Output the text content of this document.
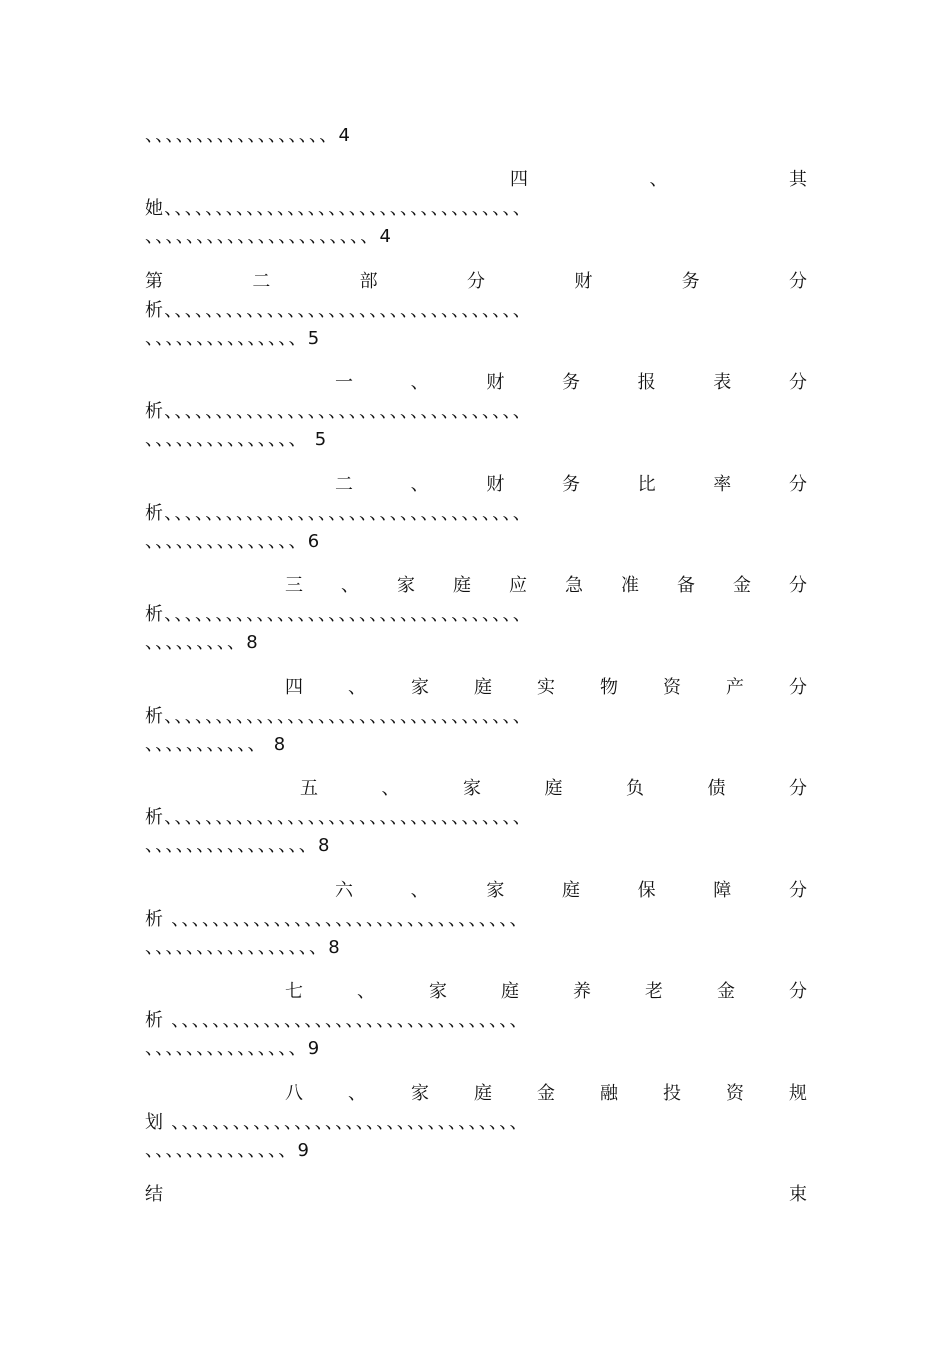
、、、、、、、、、、、、、、、、、、4
四	、	其
她、、、、、、、、、、、、、、、、、、、、、、、、、、、、、、、、、、、
、、、、、、、、、、、、、、、、、、、、、、4
第	二	部	分	财	务	分
析、、、、、、、、、、、、、、、、、、、、、、、、、、、、、、、、、、、
、、、、、、、、、、、、、、、5
一	、	财	务	报	表	分
析、、、、、、、、、、、、、、、、、、、、、、、、、、、、、、、、、、、
、、、、、、、、、、、、、、、 5
二	、	财	务	比	率	分
析、、、、、、、、、、、、、、、、、、、、、、、、、、、、、、、、、、、
、、、、、、、、、、、、、、、6
三 、 家 庭 应 急 准 备 金 分
析、、、、、、、、、、、、、、、、、、、、、、、、、、、、、、、、、、、
、、、、、、、、、8
四	、	家	庭	实	物	资	产	分
析、、、、、、、、、、、、、、、、、、、、、、、、、、、、、、、、、、、
、、、、、、、、、、、 8
五	、	家	庭	负	债	分
析、、、、、、、、、、、、、、、、、、、、、、、、、、、、、、、、、、、
、、、、、、、、、、、、、、、、8
六	、	家	庭	保	障	分
析 、、、、、、、、、、、、、、、、、、、、、、、、、、、、、、、、、、
、、、、、、、、、、、、、、、、、8
七	、	家	庭	养	老	金	分
析 、、、、、、、、、、、、、、、、、、、、、、、、、、、、、、、、、、
、、、、、、、、、、、、、、、9
八	、	家	庭	金	融	投	资	规
划 、、、、、、、、、、、、、、、、、、、、、、、、、、、、、、、、、、
、、、、、、、、、、、、、、9
结	束
